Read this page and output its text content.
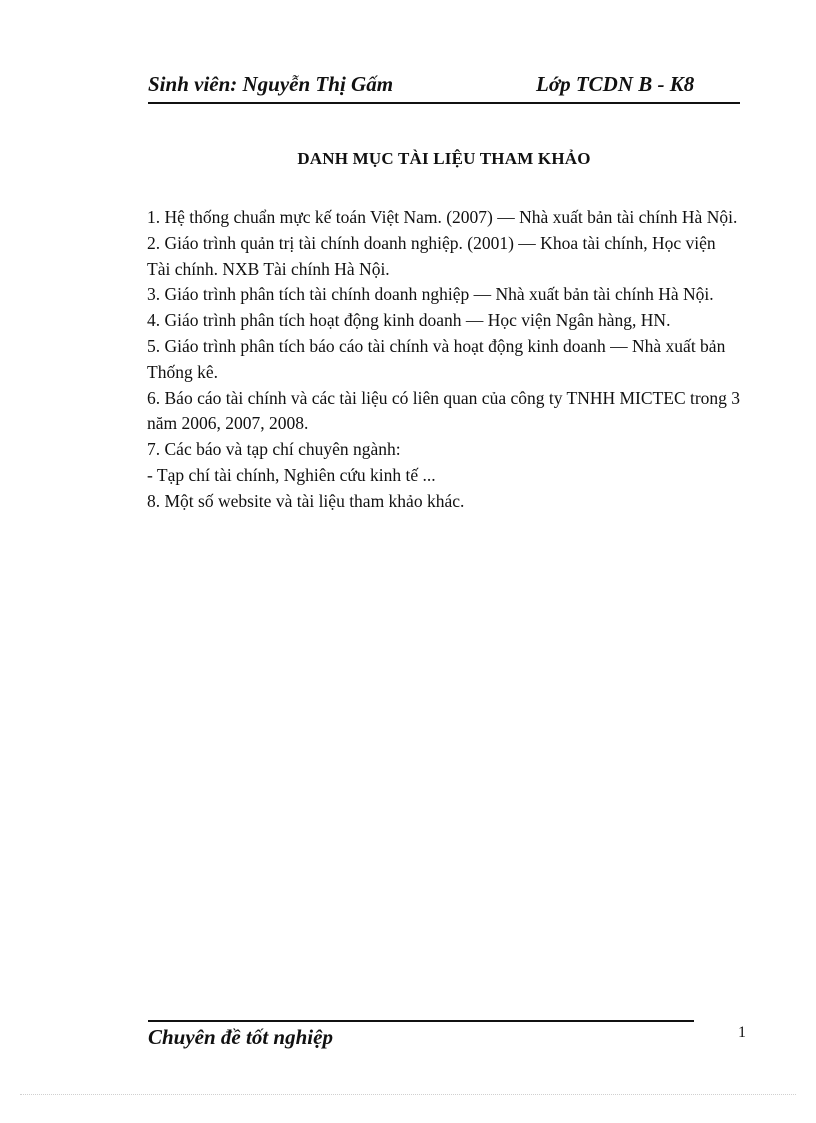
Sinh viên: Nguyễn Thị Gấm	Lớp TCDN B - K8
DANH MỤC TÀI LIỆU THAM KHẢO

1. Hệ thống chuẩn mực kế toán Việt Nam. (2007) — Nhà xuất bản tài chính Hà Nội.

2. Giáo trình quản trị tài chính doanh nghiệp. (2001) — Khoa tài chính, Học viện Tài chính. NXB Tài chính Hà Nội.

3. Giáo trình phân tích tài chính doanh nghiệp — Nhà xuất bản tài chính Hà Nội.

4. Giáo trình phân tích hoạt động kinh doanh — Học viện Ngân hàng, HN.

5. Giáo trình phân tích báo cáo tài chính và hoạt động kinh doanh — Nhà xuất bản Thống kê.

6. Báo cáo tài chính và các tài liệu có liên quan của công ty TNHH MICTEC trong 3 năm 2006, 2007, 2008.

7. Các báo và tạp chí chuyên ngành:

- Tạp chí tài chính, Nghiên cứu kinh tế ...

8. Một số website và tài liệu tham khảo khác.

Chuyên đề tốt nghiệp	1
